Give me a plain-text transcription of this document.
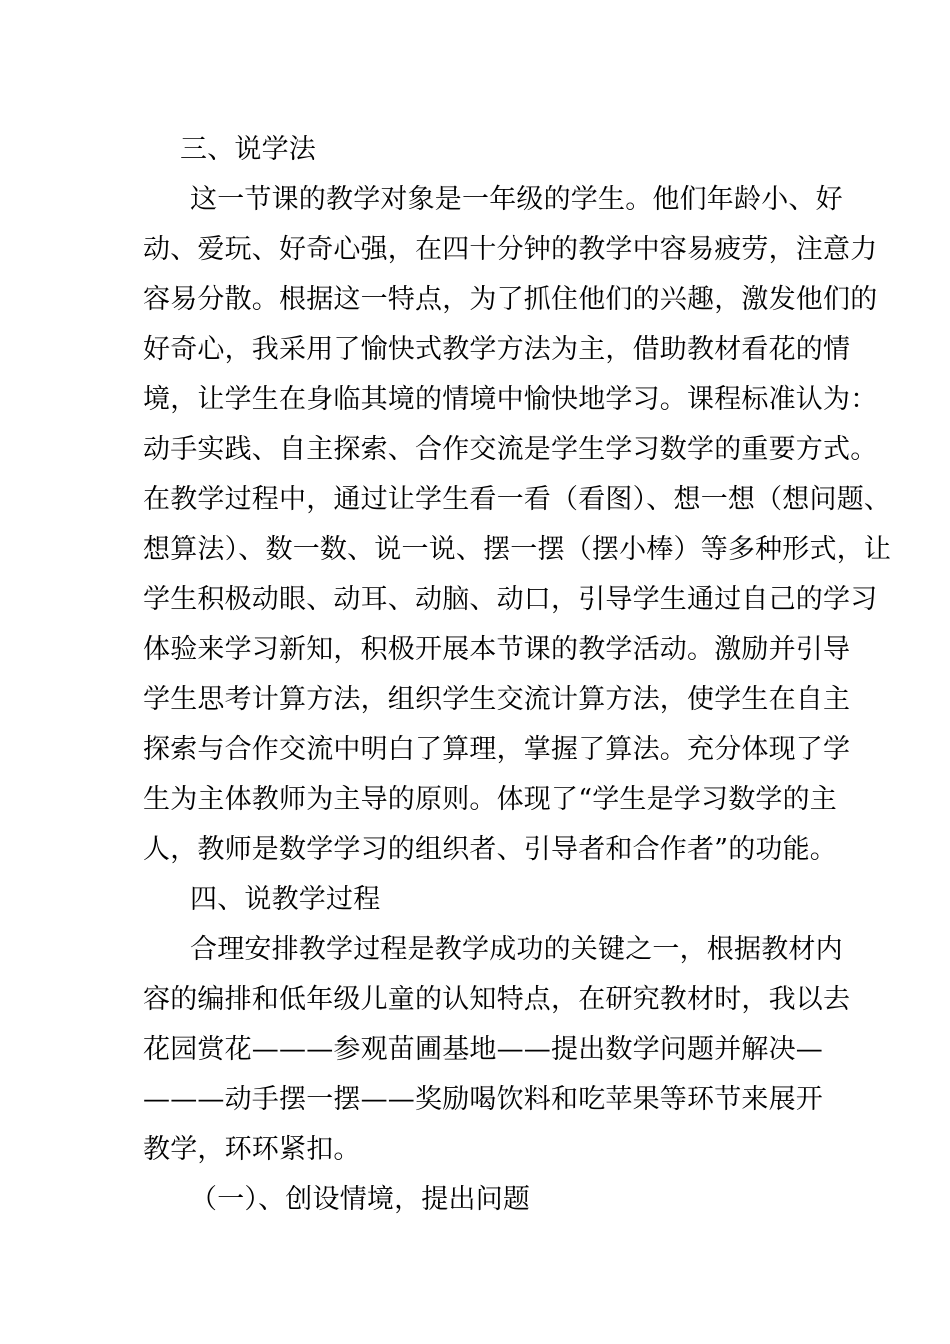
三、说学法
这一节课的教学对象是一年级的学生。他们年龄小、好
动、爱玩、好奇心强，在四十分钟的教学中容易疲劳，注意力
容易分散。根据这一特点，为了抓住他们的兴趣，激发他们的
好奇心，我采用了愉快式教学方法为主，借助教材看花的情
境，让学生在身临其境的情境中愉快地学习。课程标准认为：
动手实践、自主探索、合作交流是学生学习数学的重要方式。
在教学过程中，通过让学生看一看（看图）、想一想（想问题、
想算法）、数一数、说一说、摆一摆（摆小棒）等多种形式，让
学生积极动眼、动耳、动脑、动口，引导学生通过自己的学习
体验来学习新知，积极开展本节课的教学活动。激励并引导
学生思考计算方法，组织学生交流计算方法，使学生在自主
探索与合作交流中明白了算理，掌握了算法。充分体现了学
生为主体教师为主导的原则。体现了“学生是学习数学的主
人，教师是数学学习的组织者、引导者和合作者”的功能。
四、说教学过程
合理安排教学过程是教学成功的关键之一，根据教材内
容的编排和低年级儿童的认知特点，在研究教材时，我以去
花园赏花———参观苗圃基地——提出数学问题并解决—
———动手摆一摆——奖励喝饮料和吃苹果等环节来展开
教学，环环紧扣。
（一）、创设情境，提出问题
